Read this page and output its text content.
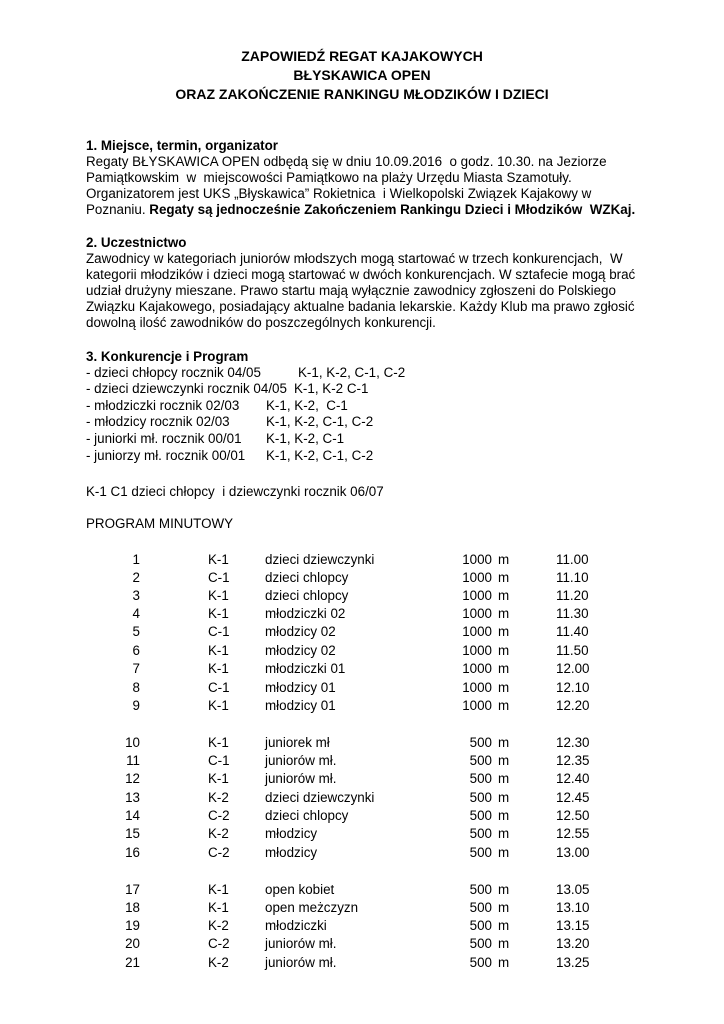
ZAPOWIEDŹ REGAT KAJAKOWYCH
BŁYSKAWICA OPEN
ORAZ ZAKOŃCZENIE RANKINGU MŁODZIKÓW I DZIECI
1. Miejsce, termin, organizator
Regaty BŁYSKAWICA OPEN odbędą się w dniu 10.09.2016  o godz. 10.30. na Jeziorze
Pamiątkowskim  w  miejscowości Pamiątkowo na plaży Urzędu Miasta Szamotuły.
Organizatorem jest UKS „Błyskawica” Rokietnica  i Wielkopolski Związek Kajakowy w
Poznaniu. Regaty są jednocześnie Zakończeniem Rankingu Dzieci i Młodzików  WZKaj.
2. Uczestnictwo
Zawodnicy w kategoriach juniorów młodszych mogą startować w trzech konkurencjach,  W
kategorii młodzików i dzieci mogą startować w dwóch konkurencjach. W sztafecie mogą brać
udział drużyny mieszane. Prawo startu mają wyłącznie zawodnicy zgłoszeni do Polskiego
Związku Kajakowego, posiadający aktualne badania lekarskie. Każdy Klub ma prawo zgłosić
dowolną ilość zawodników do poszczególnych konkurencji.
3. Konkurencje i Program
- dzieci chłopcy rocznik 04/05	K-1, K-2, C-1, C-2
- dzieci dziewczynki rocznik 04/05 K-1, K-2 C-1
- młodziczki rocznik 02/03 K-1, K-2,  C-1
- młodzicy rocznik 02/03	K-1, K-2, C-1, C-2
- juniorki mł. rocznik 00/01 K-1, K-2, C-1
- juniorzy mł. rocznik 00/01 K-1, K-2, C-1, C-2
K-1 C1 dzieci chłopcy  i dziewczynki rocznik 06/07
PROGRAM MINUTOWY
1	K-1	dzieci dziewczynki	1000 m	11.00
2	C-1	dzieci chlopcy	1000 m	11.10
3	K-1	dzieci chlopcy	1000 m	11.20
4	K-1	młodziczki 02	1000 m	11.30
5	C-1	młodzicy 02	1000 m	11.40
6	K-1	młodzicy 02	1000 m	11.50
7	K-1	młodziczki 01	1000 m	12.00
8	C-1	młodzicy 01	1000 m	12.10
9	K-1	młodzicy 01	1000 m	12.20
10	K-1	juniorek mł	500 m	12.30
11	C-1	juniorów mł.	500 m	12.35
12	K-1	juniorów mł.	500 m	12.40
13	K-2	dzieci dziewczynki	500 m	12.45
14	C-2	dzieci chlopcy	500 m	12.50
15	K-2	młodzicy	500 m	12.55
16	C-2	młodzicy	500 m	13.00
17	K-1	open kobiet	500 m	13.05
18	K-1	open meżczyzn	500 m	13.10
19	K-2	młodziczki	500 m	13.15
20	C-2	juniorów mł.	500 m	13.20
21	K-2	juniorów mł.	500 m	13.25
